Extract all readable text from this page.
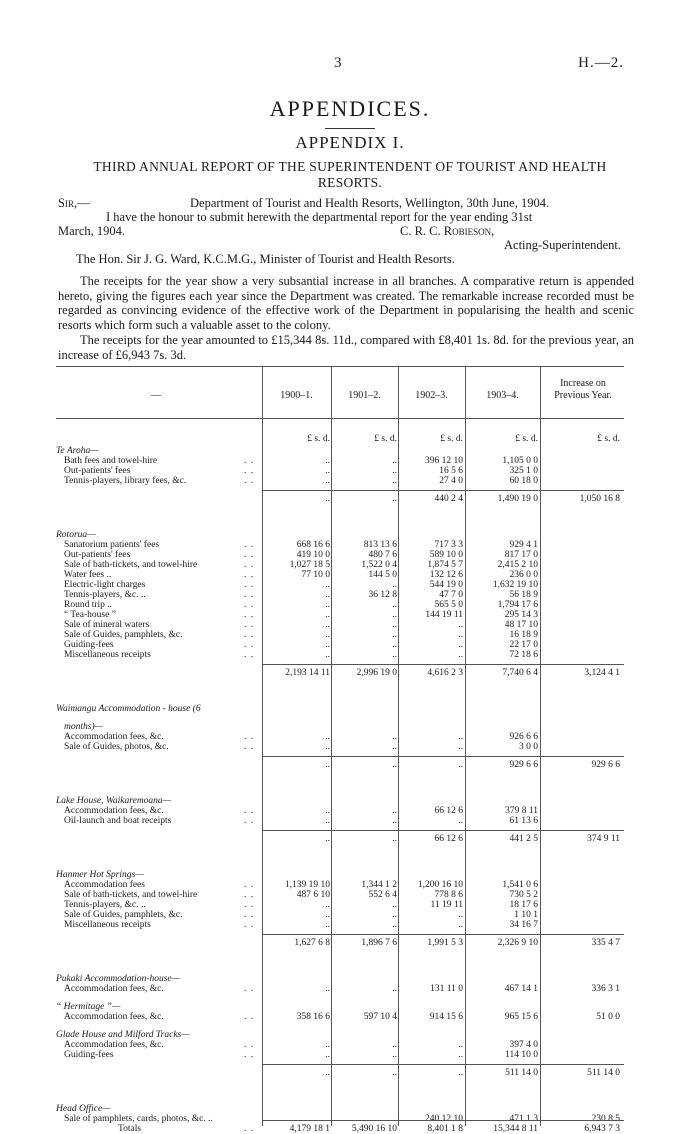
3	H.—2.
APPENDICES.
APPENDIX I.
THIRD ANNUAL REPORT OF THE SUPERINTENDENT OF TOURIST AND HEALTH RESORTS.
Sir,—	Department of Tourist and Health Resorts, Wellington, 30th June, 1904.
I have the honour to submit herewith the departmental report for the year ending 31st
March, 1904.	C. R. C. Robieson,
Acting-Superintendent.
The Hon. Sir J. G. Ward, K.C.M.G., Minister of Tourist and Health Resorts.
The receipts for the year show a very subsantial increase in all branches. A comparative return is appended hereto, giving the figures each year since the Department was created. The remarkable increase recorded must be regarded as convincing evidence of the effective work of the Department in popularising the health and scenic resorts which form such a valuable asset to the colony.
The receipts for the year amounted to £15,344 8s. 11d., compared with £8,401 1s. 8d. for the previous year, an increase of £6,943 7s. 3d.
—	1900–1.	1901–2.	1902–3.	1903–4.
Increase on Previous Year.
£ s. d.	£ s. d.	£ s. d.	£ s. d.	£ s. d.
Te Aroha—
Bath fees and towel-hire	. .	..	..	396 12 10	1,105 0 0
Out-patients' fees	. .	..	..	16 5 6	325 1 0
Tennis-players, library fees, &c.	. .	..	..	27 4 0	60 18 0
..	..	440 2 4	1,490 19 0	1,050 16 8
Rotorua—
Sanatorium patients' fees	. .	668 16 6	813 13 6	717 3 3	929 4 1
Out-patients' fees	. .	419 10 0	480 7 6	589 10 0	817 17 0
Sale of bath-tickets, and towel-hire	. .	1,027 18 5	1,522 0 4	1,874 5 7	2,415 2 10
Water fees ..	. .	77 10 0	144 5 0	132 12 6	236 0 0
Electric-light charges	. .	..	..	544 19 0	1,632 19 10
Tennis-players, &c. ..	. .	..	36 12 8	47 7 0	56 18 9
Round trip ..	. .	..	..	565 5 0	1,794 17 6
“ Tea-house ”	. .	..	..	144 19 11	295 14 3
Sale of mineral waters	. .	..	..	..	48 17 10
Sale of Guides, pamphlets, &c.	. .	..	..	..	16 18 9
Guiding-fees	. .	..	..	..	22 17 0
Miscellaneous receipts	. .	..	..	..	72 18 6
2,193 14 11	2,996 19 0	4,616 2 3	7,740 6 4	3,124 4 1
Waimangu Accommodation - house (6
months)—
Accommodation fees, &c.	. .	..	..	..	926 6 6
Sale of Guides, photos, &c.	. .	..	..	..	3 0 0
..	..	..	929 6 6	929 6 6
Lake House, Waikaremoana—
Accommodation fees, &c.	. .	..	..	66 12 6	379 8 11
Oil-launch and boat receipts	. .	..	..	..	61 13 6
..	..	66 12 6	441 2 5	374 9 11
Hanmer Hot Springs—
Accommodation fees	. .	1,139 19 10	1,344 1 2	1,200 16 10	1,541 0 6
Sale of bath-tickets, and towel-hire	. .	487 6 10	552 6 4	778 8 6	730 5 2
Tennis-players, &c. ..	. .	..	..	11 19 11	18 17 6
Sale of Guides, pamphlets, &c.	. .	..	..	..	1 10 1
Miscellaneous receipts	. .	..	..	..	34 16 7
1,627 6 8	1,896 7 6	1,991 5 3	2,326 9 10	335 4 7
Pukaki Accommodation-house—
Accommodation fees, &c.	. .	..	..	131 11 0	467 14 1	336 3 1
“ Hermitage ”—
Accommodation fees, &c.	. .	358 16 6	597 10 4	914 15 6	965 15 6	51 0 0
Glade House and Milford Tracks—
Accommodation fees, &c.	. .	..	..	..	397 4 0
Guiding-fees	. .	..	..	..	114 10 0
..	..	..	511 14 0	511 14 0
Head Office—
Sale of pamphlets, cards, photos, &c. ..	..	..	240 12 10	471 1 3	230 8 5
Totals	. .	4,179 18 1	5,490 16 10	8,401 1 8	15,344 8 11	6,943 7 3
